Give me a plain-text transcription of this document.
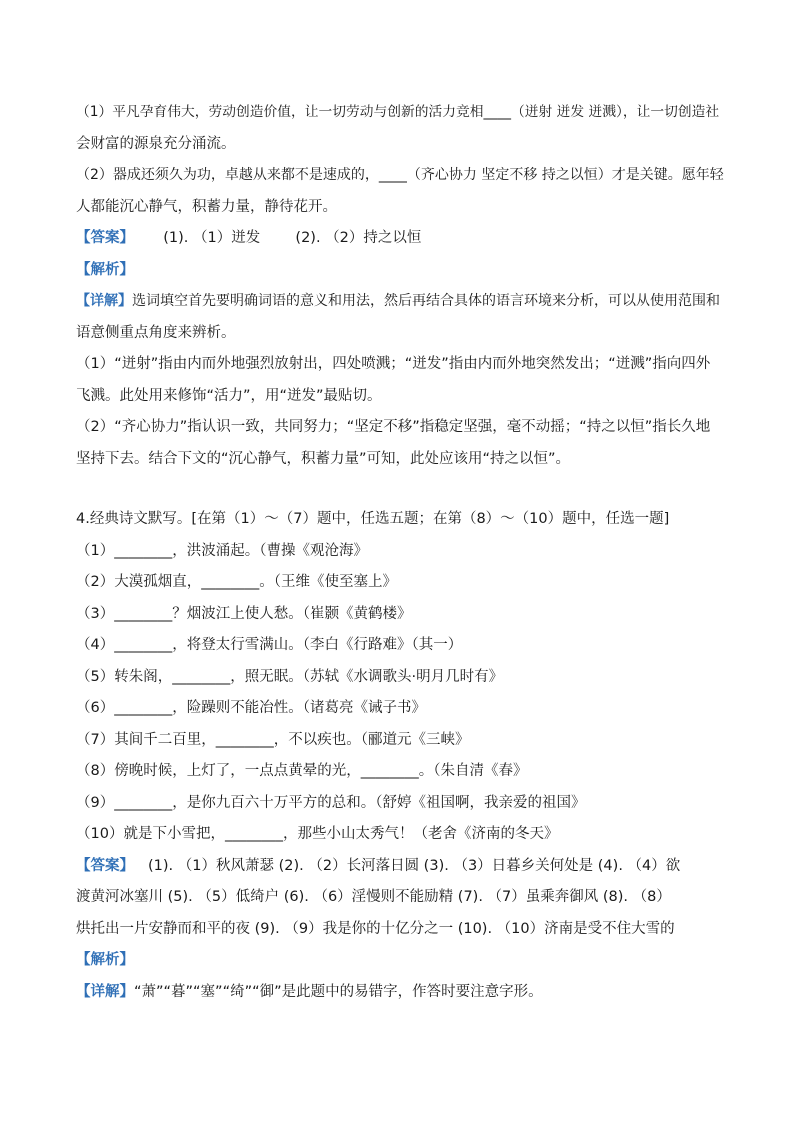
（1）平凡孕育伟大，劳动创造价值，让一切劳动与创新的活力竞相____（迸射 迸发 迸溅），让一切创造社
会财富的源泉充分涌流。

（2）器成还须久为功，卓越从来都不是速成的，____（齐心协力 坚定不移 持之以恒）才是关键。愿年轻
人都能沉心静气，积蓄力量，静待花开。

【答案】 (1). （1）迸发 (2). （2）持之以恒

【解析】

【详解】选词填空首先要明确词语的意义和用法，然后再结合具体的语言环境来分析，可以从使用范围和
语意侧重点角度来辨析。
（1）“迸射”指由内而外地强烈放射出，四处喷溅；“迸发”指由内而外地突然发出；“迸溅”指向四外
飞溅。此处用来修饰“活力”，用“迸发”最贴切。
（2）“齐心协力”指认识一致，共同努力；“坚定不移”指稳定坚强，毫不动摇；“持之以恒”指长久地
坚持下去。结合下文的“沉心静气，积蓄力量”可知，此处应该用“持之以恒”。

4.经典诗文默写。[在第（1）～（7）题中，任选五题；在第（8）～（10）题中，任选一题]

（1）________，洪波涌起。（曹操《观沧海》
（2）大漠孤烟直，________。（王维《使至塞上》
（3）________？烟波江上使人愁。（崔颢《黄鹤楼》
（4）________，将登太行雪满山。（李白《行路难》（其一）
（5）转朱阁，________，照无眠。（苏轼《水调歌头·明月几时有》
（6）________，险躁则不能冶性。（诸葛亮《诫子书》
（7）其间千二百里，________，不以疾也。（郦道元《三峡》
（8）傍晚时候，上灯了，一点点黄晕的光，________。（朱自清《春》
（9）________，是你九百六十万平方的总和。（舒婷《祖国啊，我亲爱的祖国》
（10）就是下小雪把，________，那些小山太秀气！（老舍《济南的冬天》

【答案】 (1). （1）秋风萧瑟 (2). （2）长河落日圆 (3). （3）日暮乡关何处是 (4). （4）欲
渡黄河冰塞川 (5). （5）低绮户 (6). （6）淫慢则不能励精 (7). （7）虽乘奔御风 (8). （8）
烘托出一片安静而和平的夜 (9). （9）我是你的十亿分之一 (10). （10）济南是受不住大雪的

【解析】

【详解】“萧”“暮”“塞”“绮”“御”是此题中的易错字，作答时要注意字形。
